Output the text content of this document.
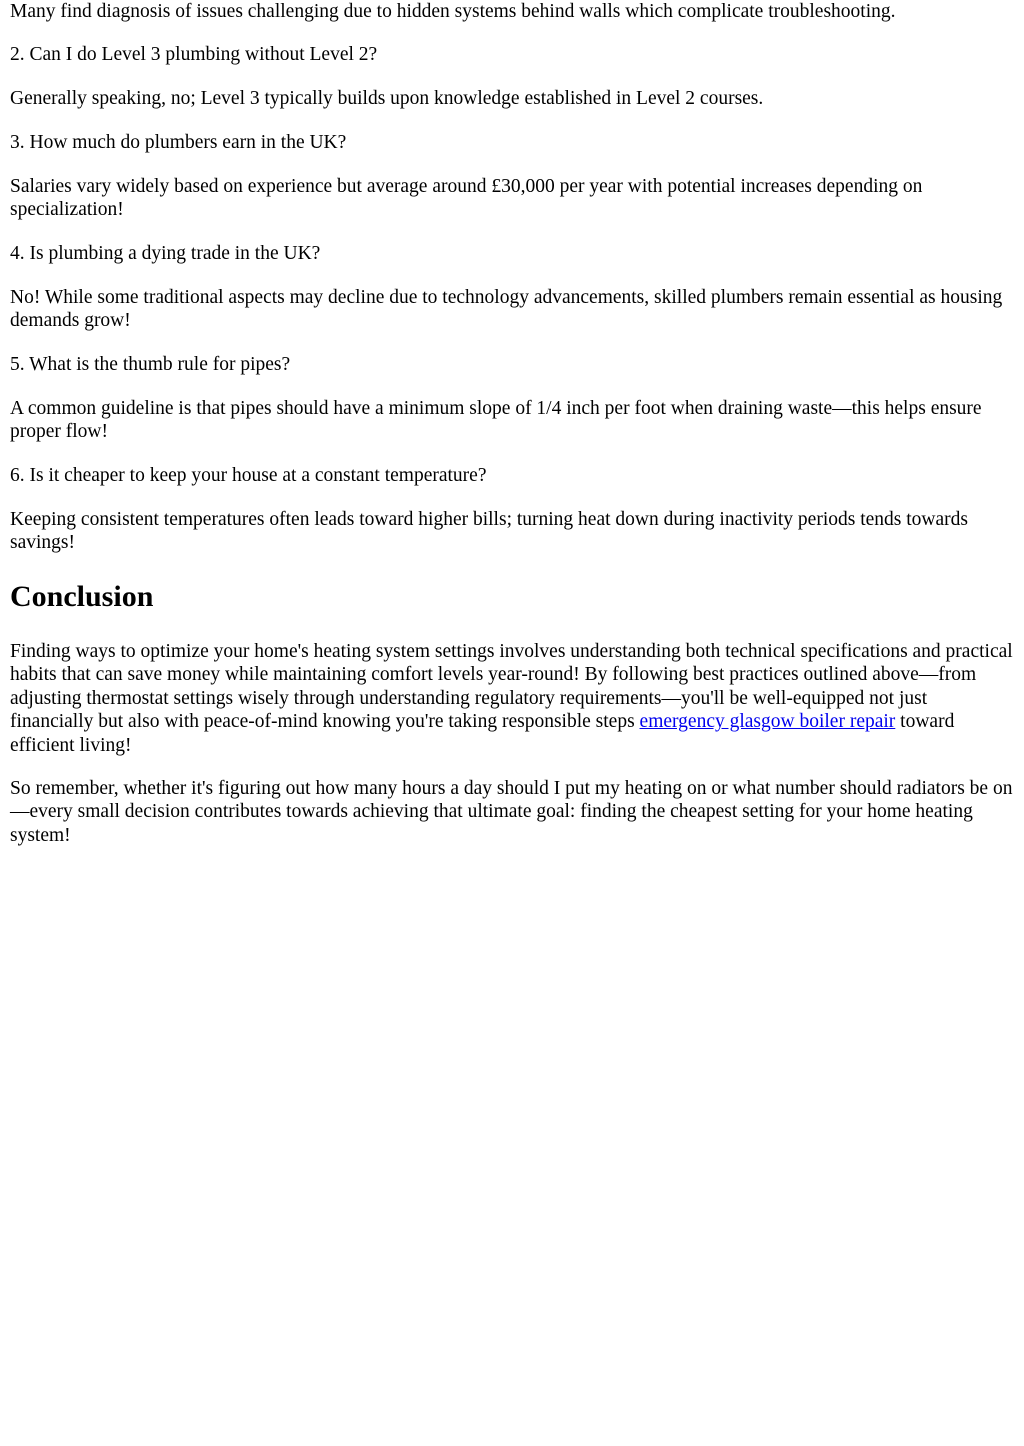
Many find diagnosis of issues challenging due to hidden systems behind walls which complicate troubleshooting.

2. Can I do Level 3 plumbing without Level 2?

Generally speaking, no; Level 3 typically builds upon knowledge established in Level 2 courses.

3. How much do plumbers earn in the UK?

Salaries vary widely based on experience but average around £30,000 per year with potential increases depending on specialization!

4. Is plumbing a dying trade in the UK?

No! While some traditional aspects may decline due to technology advancements, skilled plumbers remain essential as housing demands grow!

5. What is the thumb rule for pipes?

A common guideline is that pipes should have a minimum slope of 1/4 inch per foot when draining waste—this helps ensure proper flow!

6. Is it cheaper to keep your house at a constant temperature?

Keeping consistent temperatures often leads toward higher bills; turning heat down during inactivity periods tends towards savings!

Conclusion

Finding ways to optimize your home's heating system settings involves understanding both technical specifications and practical habits that can save money while maintaining comfort levels year-round! By following best practices outlined above—from adjusting thermostat settings wisely through understanding regulatory requirements—you'll be well-equipped not just financially but also with peace-of-mind knowing you're taking responsible steps emergency glasgow boiler repair toward efficient living!

So remember, whether it's figuring out how many hours a day should I put my heating on or what number should radiators be on—every small decision contributes towards achieving that ultimate goal: finding the cheapest setting for your home heating system!
